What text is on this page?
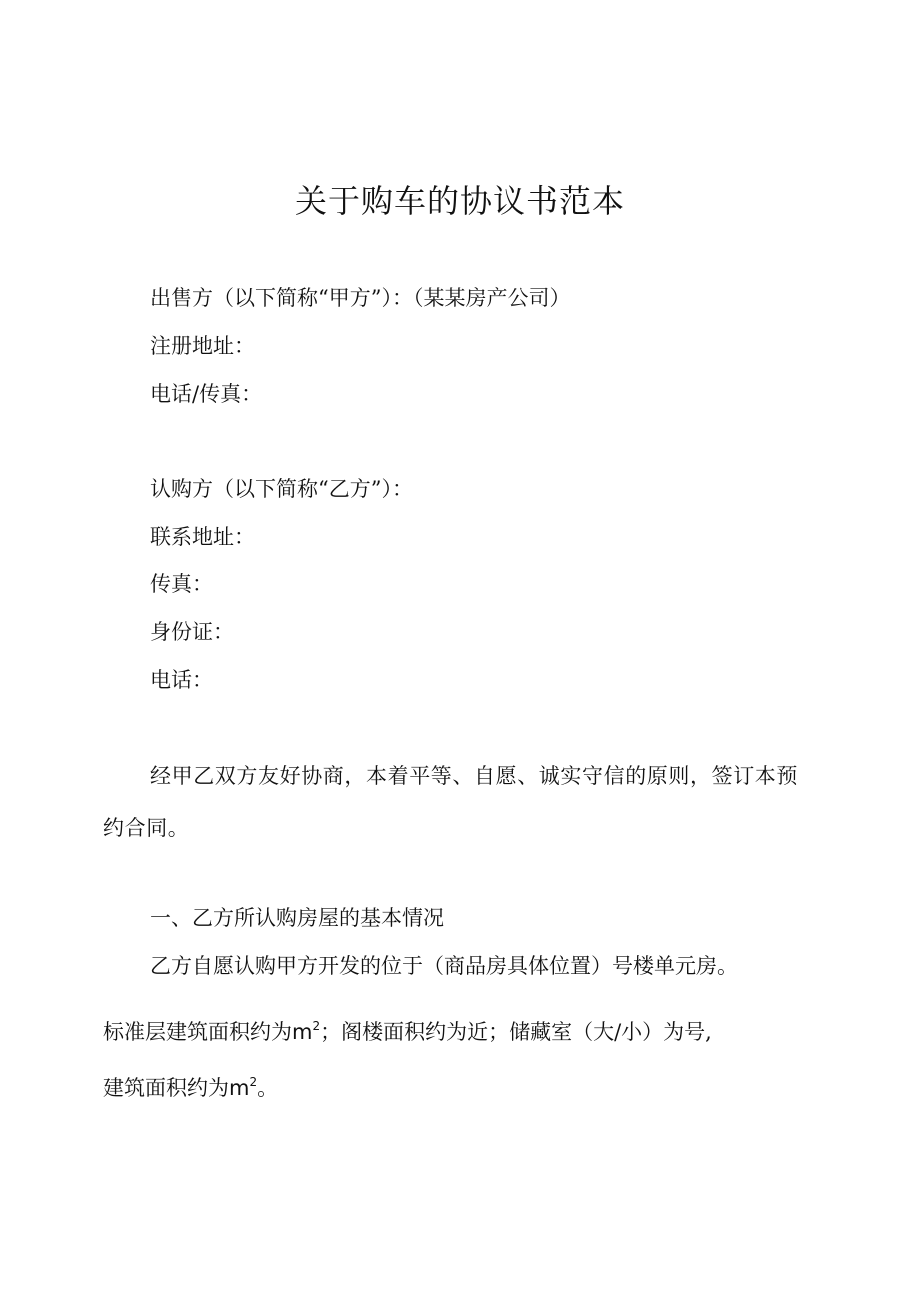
关于购车的协议书范本
出售方（以下简称“甲方”）：（某某房产公司）
注册地址：
电话/传真：
认购方（以下简称“乙方”）：
联系地址：
传真：
身份证：
电话：
经甲乙双方友好协商，本着平等、自愿、诚实守信的原则，签订本预约合同。
一、乙方所认购房屋的基本情况
乙方自愿认购甲方开发的位于（商品房具体位置）号楼单元房。
标准层建筑面积约为$m^2$；阁楼面积约为近；储藏室（大/小）为号,
建筑面积约为$m^2$。
